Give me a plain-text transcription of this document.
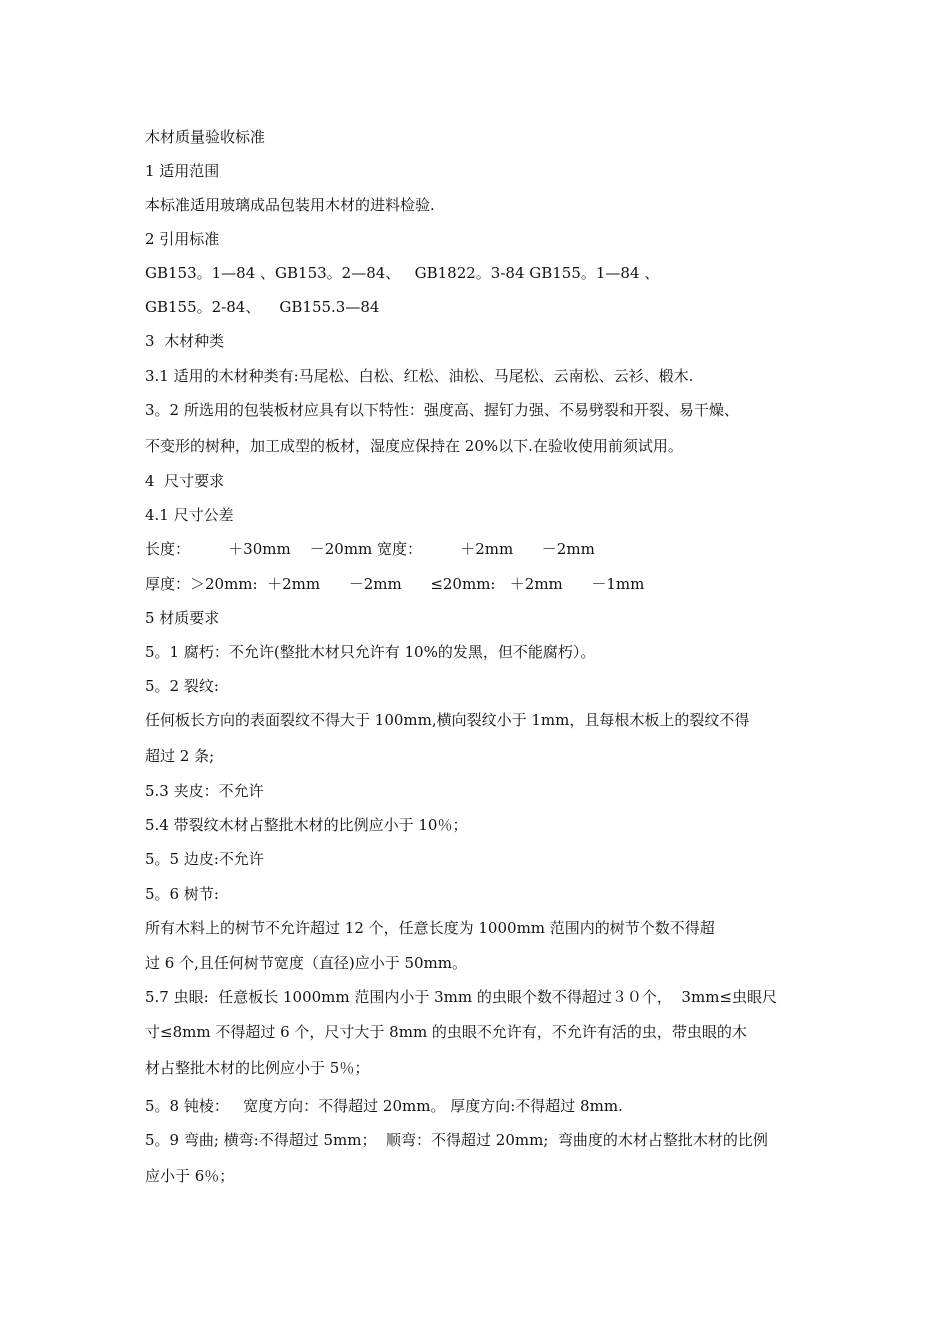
木材质量验收标准
1 适用范围
本标准适用玻璃成品包装用木材的进料检验.
2 引用标准
GB153。1—84 、GB153。2—84、   GB1822。3-84 GB155。1—84 、
GB155。2-84、    GB155.3—84
3  木材种类
3.1 适用的木材种类有:马尾松、白松、红松、油松、马尾松、云南松、云衫、椴木.
3。2 所选用的包装板材应具有以下特性：强度高、握钉力强、不易劈裂和开裂、易干燥、
不变形的树种，加工成型的板材，湿度应保持在 20%以下.在验收使用前须试用。
4  尺寸要求
4.1 尺寸公差
长度：        ＋30mm    －20mm 宽度：        ＋2mm      －2mm
厚度：＞20mm:  ＋2mm      －2mm      ≤20mm:   ＋2mm      －1mm
5 材质要求
5。1 腐朽：不允许(整批木材只允许有 10%的发黑，但不能腐朽）。
5。2 裂纹:
任何板长方向的表面裂纹不得大于 100mm,横向裂纹小于 1mm，且每根木板上的裂纹不得
超过 2 条;
5.3 夹皮：不允许
5.4 带裂纹木材占整批木材的比例应小于 10％；
5。5 边皮:不允许
5。6 树节:
所有木料上的树节不允许超过 12 个，任意长度为 1000mm 范围内的树节个数不得超
过 6 个,且任何树节宽度（直径)应小于 50mm。
5.7 虫眼:  任意板长 1000mm 范围内小于 3mm 的虫眼个数不得超过３０个，  3mm≤虫眼尺
寸≤8mm 不得超过 6 个，尺寸大于 8mm 的虫眼不允许有，不允许有活的虫，带虫眼的木
材占整批木材的比例应小于 5％；
5。8 钝棱：   宽度方向：不得超过 20mm。 厚度方向:不得超过 8mm.
5。9 弯曲; 横弯:不得超过 5mm；  顺弯：不得超过 20mm;  弯曲度的木材占整批木材的比例
应小于 6％；
